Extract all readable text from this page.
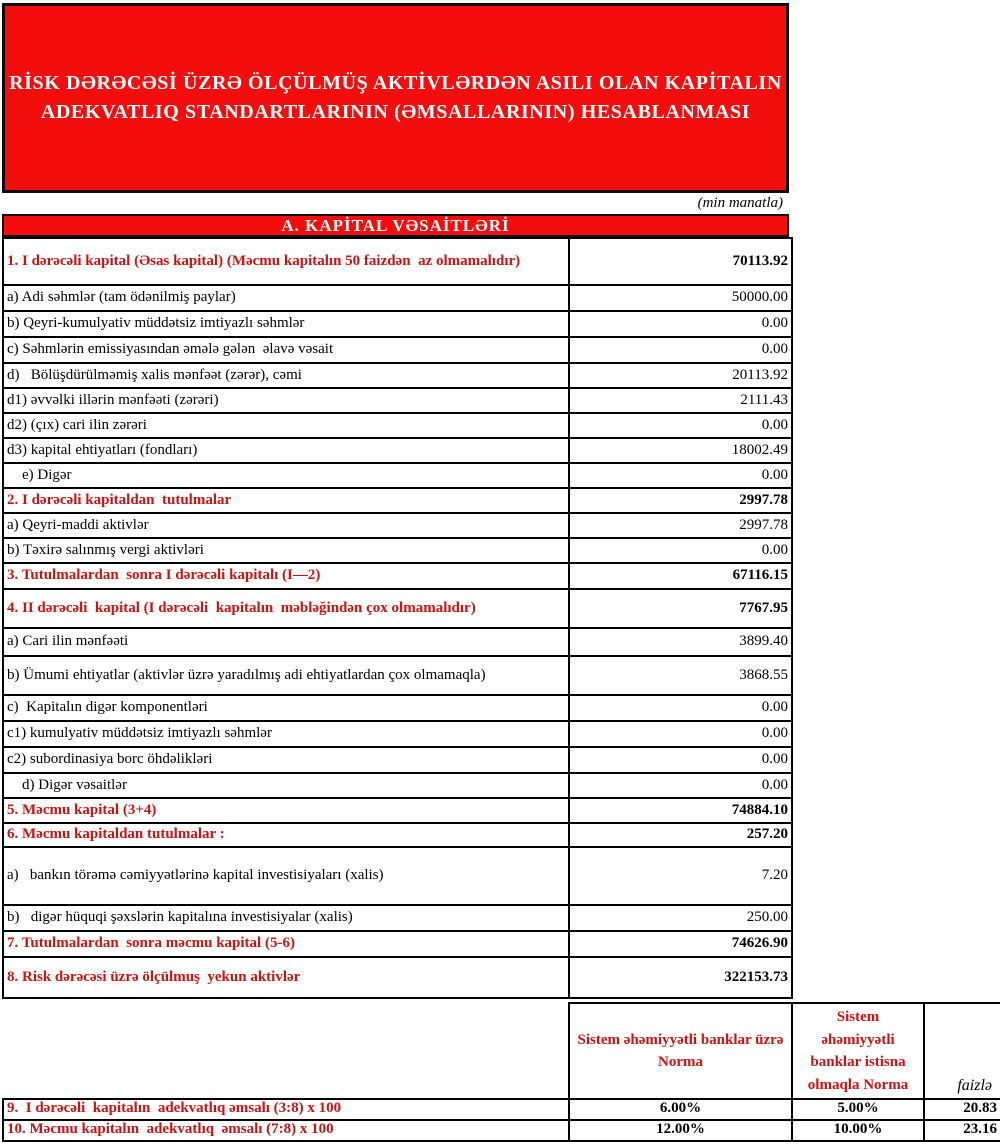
RİSK DƏRƏCƏSİ ÜZRƏ ÖLÇÜLMÜŞ AKTİVLƏRDƏN ASILI OLAN KAPİTALIN
ADEKVATLIQ STANDARTLARININ (ƏMSALLARININ) HESABLANMASI
(min manatla)
A. KAPİTAL VƏSAİTLƏRİ
1. I dərəcəli kapital (Əsas kapital) (Məcmu kapitalın 50 faizdən  az olmamalıdır)	70113.92
a) Adi səhmlər (tam ödənilmiş paylar)	50000.00
b) Qeyri-kumulyativ müddətsiz imtiyazlı səhmlər	0.00
c) Səhmlərin emissiyasından əmələ gələn  əlavə vəsait	0.00
d)   Bölüşdürülməmiş xalis mənfəət (zərər), cəmi	20113.92
d1) əvvəlki illərin mənfəəti (zərəri)	2111.43
d2) (çıx) cari ilin zərəri	0.00
d3) kapital ehtiyatları (fondları)	18002.49
e) Digər	0.00
2. I dərəcəli kapitaldan  tutulmalar	2997.78
a) Qeyri-maddi aktivlər	2997.78
b) Təxirə salınmış vergi aktivləri	0.00
3. Tutulmalardan  sonra I dərəcəli kapitalı (I—2)	67116.15
4. II dərəcəli  kapital (I dərəcəli  kapitalın  məbləğindən çox olmamalıdır)	7767.95
a) Cari ilin mənfəəti	3899.40
b) Ümumi ehtiyatlar (aktivlər üzrə yaradılmış adi ehtiyatlardan çox olmamaqla)	3868.55
c)  Kapitalın digər komponentləri	0.00
c1) kumulyativ müddətsiz imtiyazlı səhmlər	0.00
c2) subordinasiya borc öhdəlikləri	0.00
d) Digər vəsaitlər	0.00
5. Məcmu kapital (3+4)	74884.10
6. Məcmu kapitaldan tutulmalar :	257.20
a)   bankın törəmə cəmiyyətlərinə kapital investisiyaları (xalis)	7.20
b)   digər hüquqi şəxslərin kapitalına investisiyalar (xalis)	250.00
7. Tutulmalardan  sonra məcmu kapital (5-6)	74626.90
8. Risk dərəcəsi üzrə ölçülmuş  yekun aktivlər	322153.73
	Sistem əhəmiyyətli banklar üzrə Norma	Sistem əhəmiyyətli banklar istisna olmaqla Norma	faizlə
9.  I dərəcəli  kapitalın  adekvatlıq əmsalı (3:8) x 100	6.00%	5.00%	20.83
10. Məcmu kapitalın  adekvatlıq  əmsalı (7:8) x 100	12.00%	10.00%	23.16
